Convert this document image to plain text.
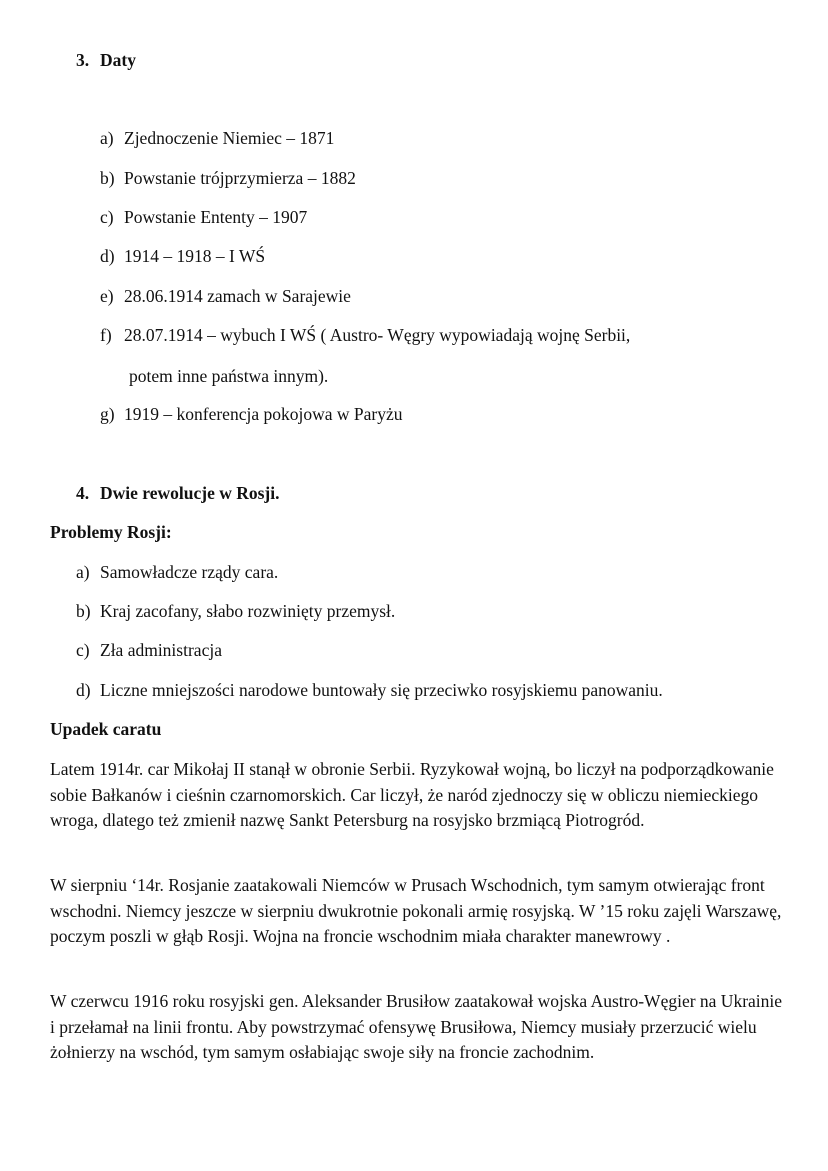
3. Daty
a) Zjednoczenie Niemiec – 1871
b) Powstanie trójprzymierza – 1882
c) Powstanie Ententy – 1907
d) 1914 – 1918 – I WŚ
e) 28.06.1914 zamach w Sarajewie
f) 28.07.1914 – wybuch I WŚ ( Austro- Węgry wypowiadają wojnę Serbii,
potem inne państwa innym).
g) 1919 – konferencja pokojowa w Paryżu
4. Dwie rewolucje w Rosji.
Problemy Rosji:
a) Samowładcze rządy cara.
b) Kraj zacofany, słabo rozwinięty przemysł.
c) Zła administracja
d) Liczne mniejszości narodowe buntowały się przeciwko rosyjskiemu panowaniu.
Upadek caratu

Latem 1914r. car Mikołaj II stanął w obronie Serbii. Ryzykował wojną, bo liczył na podporządkowanie sobie Bałkanów i cieśnin czarnomorskich. Car liczył, że naród zjednoczy się w obliczu niemieckiego wroga, dlatego też zmienił nazwę Sankt Petersburg na rosyjsko brzmiącą Piotrogród.

W sierpniu ‘14r. Rosjanie zaatakowali Niemców w Prusach Wschodnich, tym samym otwierając front wschodni. Niemcy jeszcze w sierpniu dwukrotnie pokonali armię rosyjską. W ’15 roku zajęli Warszawę, poczym poszli w głąb Rosji. Wojna na froncie wschodnim miała charakter manewrowy .

W czerwcu 1916 roku rosyjski gen. Aleksander Brusiłow zaatakował wojska Austro-Węgier na Ukrainie i przełamał na linii frontu. Aby powstrzymać ofensywę Brusiłowa, Niemcy musiały przerzucić wielu żołnierzy na wschód, tym samym osłabiając swoje siły na froncie zachodnim.
